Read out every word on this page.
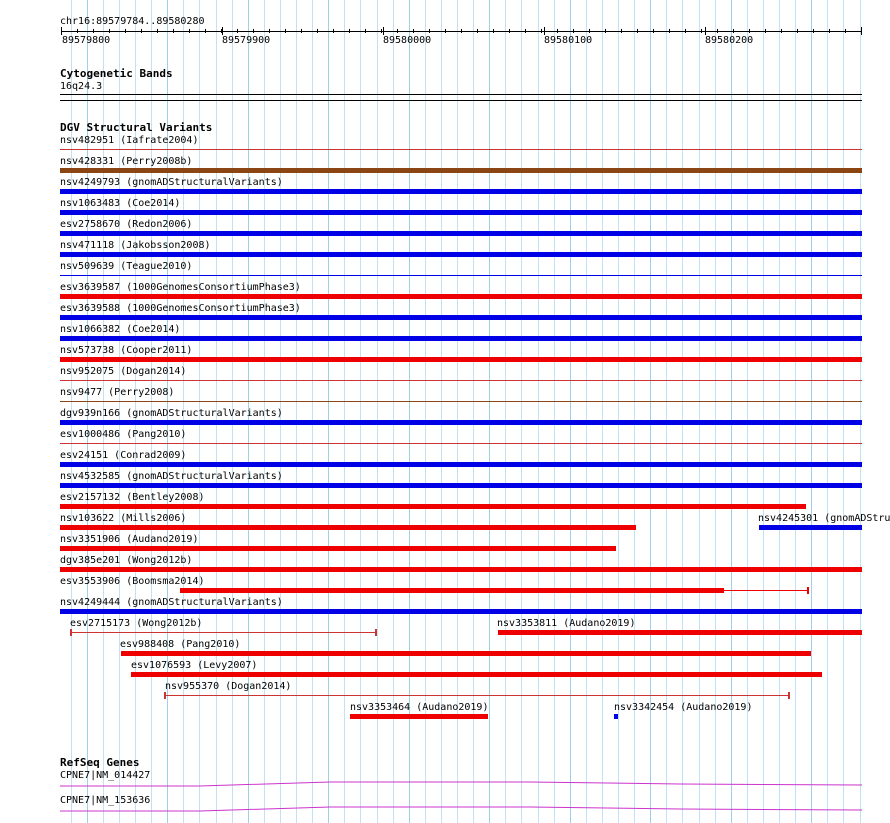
chr16:89579784..89580280
89579800	89579900	89580000	89580100	89580200
Cytogenetic Bands
16q24.3
DGV Structural Variants
nsv482951 (Iafrate2004)
nsv428331 (Perry2008b)
nsv4249793 (gnomADStructuralVariants)
nsv1063483 (Coe2014)
esv2758670 (Redon2006)
nsv471118 (Jakobsson2008)
nsv509639 (Teague2010)
esv3639587 (1000GenomesConsortiumPhase3)
esv3639588 (1000GenomesConsortiumPhase3)
nsv1066382 (Coe2014)
nsv573738 (Cooper2011)
nsv952075 (Dogan2014)
nsv9477 (Perry2008)
dgv939n166 (gnomADStructuralVariants)
esv1000486 (Pang2010)
esv24151 (Conrad2009)
nsv4532585 (gnomADStructuralVariants)
esv2157132 (Bentley2008)
nsv103622 (Mills2006)	nsv4245301 (gnomADStru
nsv3351906 (Audano2019)
dgv385e201 (Wong2012b)
esv3553906 (Boomsma2014)
nsv4249444 (gnomADStructuralVariants)
esv2715173 (Wong2012b)	nsv3353811 (Audano2019)
esv988408 (Pang2010)
esv1076593 (Levy2007)
nsv955370 (Dogan2014)
nsv3353464 (Audano2019)	nsv3342454 (Audano2019)
RefSeq Genes
CPNE7|NM_014427
CPNE7|NM_153636
